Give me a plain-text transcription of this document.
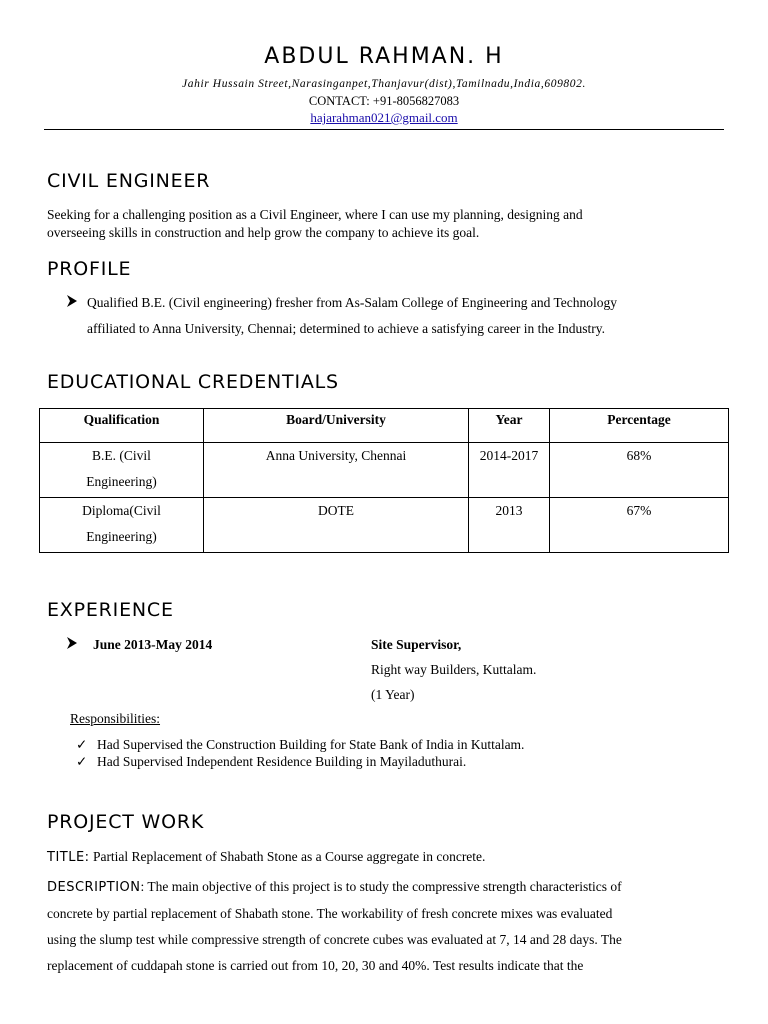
ABDUL RAHMAN. H
Jahir Hussain Street,Narasinganpet,Thanjavur(dist),Tamilnadu,India,609802.
CONTACT: +91-8056827083
hajarahman021@gmail.com
CIVIL ENGINEER
Seeking for a challenging position as a Civil Engineer, where I can use my planning, designing and
overseeing skills in construction and help grow the company to achieve its goal.
PROFILE
Qualified B.E. (Civil engineering) fresher from As-Salam College of Engineering and Technology
affiliated to Anna University, Chennai; determined to achieve a satisfying career in the Industry.
EDUCATIONAL CREDENTIALS
Qualification	Board/University	Year	Percentage

B.E. (Civil
Engineering)	Anna University, Chennai	2014-2017	68%

Diploma(Civil
Engineering)	DOTE	2013	67%
EXPERIENCE
June 2013-May 2014	Site Supervisor,
Right way Builders, Kuttalam.
(1 Year)
Responsibilities:
✓ Had Supervised the Construction Building for State Bank of India in Kuttalam.
✓ Had Supervised Independent Residence Building in Mayiladuthurai.
PROJECT WORK
TITLE: Partial Replacement of Shabath Stone as a Course aggregate in concrete.
DESCRIPTION: The main objective of this project is to study the compressive strength characteristics of
concrete by partial replacement of Shabath stone. The workability of fresh concrete mixes was evaluated
using the slump test while compressive strength of concrete cubes was evaluated at 7, 14 and 28 days. The
replacement of cuddapah stone is carried out from 10, 20, 30 and 40%. Test results indicate that the
